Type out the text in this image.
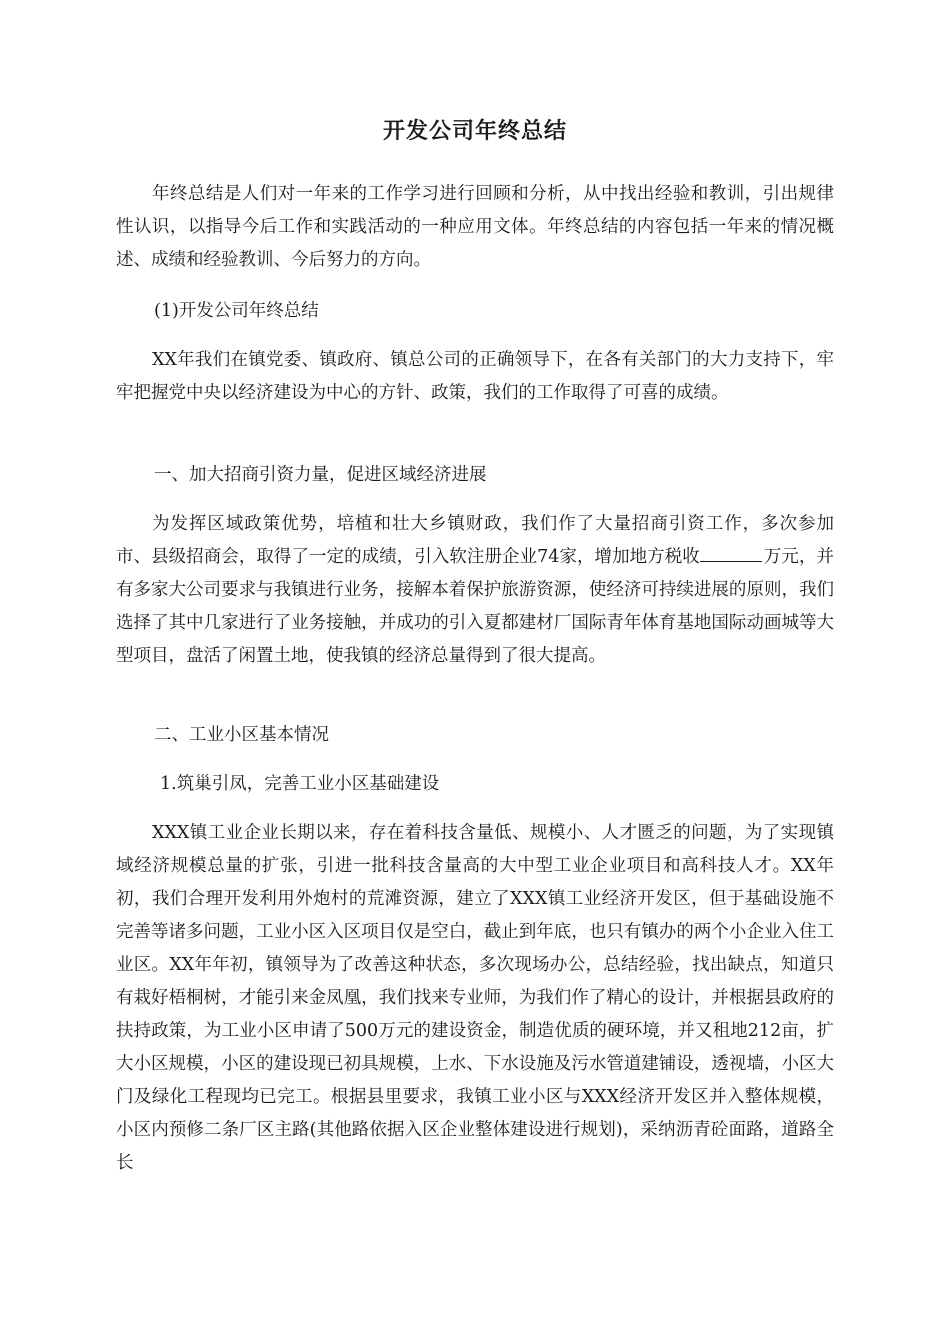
开发公司年终总结

年终总结是人们对一年来的工作学习进行回顾和分析，从中找出经验和教训，引出规律性认识，以指导今后工作和实践活动的一种应用文体。年终总结的内容包括一年来的情况概述、成绩和经验教训、今后努力的方向。

(1)开发公司年终总结

XX年我们在镇党委、镇政府、镇总公司的正确领导下，在各有关部门的大力支持下，牢牢把握党中央以经济建设为中心的方针、政策，我们的工作取得了可喜的成绩。

一、加大招商引资力量，促进区域经济进展

为发挥区域政策优势，培植和壮大乡镇财政，我们作了大量招商引资工作，多次参加市、县级招商会，取得了一定的成绩，引入软注册企业74家，增加地方税收	万元，并有多家大公司要求与我镇进行业务，接解本着保护旅游资源，使经济可持续进展的原则，我们选择了其中几家进行了业务接触，并成功的引入夏都建材厂国际青年体育基地国际动画城等大型项目，盘活了闲置土地，使我镇的经济总量得到了很大提高。

二、工业小区基本情况

1.筑巢引凤，完善工业小区基础建设

XXX镇工业企业长期以来，存在着科技含量低、规模小、人才匮乏的问题，为了实现镇域经济规模总量的扩张，引进一批科技含量高的大中型工业企业项目和高科技人才。XX年初，我们合理开发利用外炮村的荒滩资源，建立了XXX镇工业经济开发区，但于基础设施不完善等诸多问题，工业小区入区项目仅是空白，截止到年底，也只有镇办的两个小企业入住工业区。XX年年初，镇领导为了改善这种状态，多次现场办公，总结经验，找出缺点，知道只有栽好梧桐树，才能引来金凤凰，我们找来专业师，为我们作了精心的设计，并根据县政府的扶持政策，为工业小区申请了500万元的建设资金，制造优质的硬环境，并又租地212亩，扩大小区规模，小区的建设现已初具规模，上水、下水设施及污水管道建铺设，透视墙，小区大门及绿化工程现均已完工。根据县里要求，我镇工业小区与XXX经济开发区并入整体规模，小区内预修二条厂区主路(其他路依据入区企业整体建设进行规划)，采纳沥青砼面路，道路全长
